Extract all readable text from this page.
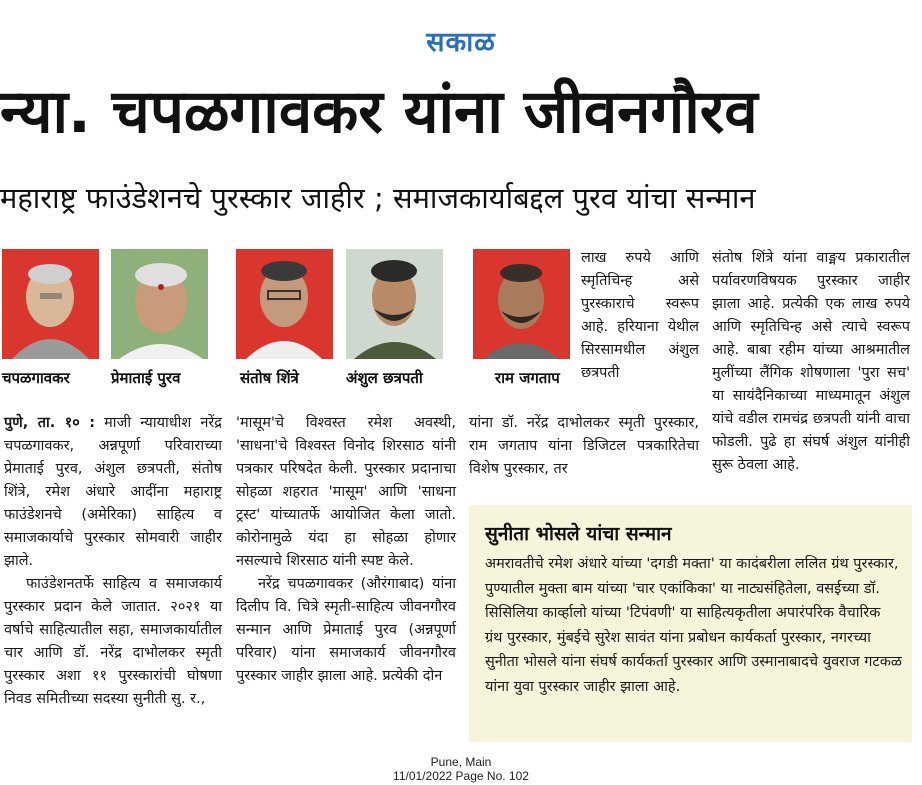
सकाळ
न्या. चपळगावकर यांना जीवनगौरव
महाराष्ट्र फाउंडेशनचे पुरस्कार जाहीर ; समाजकार्याबद्दल पुरव यांचा सन्मान
चपळगावकर	प्रेमाताई पुरव	संतोष शिंत्रे	अंशुल छत्रपती	राम जगताप

पुणे, ता. १० : माजी न्यायाधीश नरेंद्र चपळगावकर, अन्नपूर्णा परिवाराच्या प्रेमाताई पुरव, अंशुल छत्रपती, संतोष शिंत्रे, रमेश अंधारे आदींना महाराष्ट्र फाउंडेशनचे (अमेरिका) साहित्य व समाजकार्याचे पुरस्कार सोमवारी जाहीर झाले.

फाउंडेशनतर्फे साहित्य व समाजकार्य पुरस्कार प्रदान केले जातात. २०२१ या वर्षाचे साहित्यातील सहा, समाजकार्यातील चार आणि डॉ. नरेंद्र दाभोलकर स्मृती पुरस्कार अशा ११ पुरस्कारांची घोषणा निवड समितीच्या सदस्या सुनीती सु. र.,

'मासूम'चे विश्वस्त रमेश अवस्थी, 'साधना'चे विश्वस्त विनोद शिरसाठ यांनी पत्रकार परिषदेत केली. पुरस्कार प्रदानाचा सोहळा शहरात 'मासूम' आणि 'साधना ट्रस्ट' यांच्यातर्फे आयोजित केला जातो. कोरोनामुळे यंदा हा सोहळा होणार नसल्याचे शिरसाठ यांनी स्पष्ट केले.

नरेंद्र चपळगावकर (औरंगाबाद) यांना दिलीप वि. चित्रे स्मृती-साहित्य जीवनगौरव सन्मान आणि प्रेमाताई पुरव (अन्नपूर्णा परिवार) यांना समाजकार्य जीवनगौरव पुरस्कार जाहीर झाला आहे. प्रत्येकी दोन

लाख रुपये आणि स्मृतिचिन्ह असे पुरस्काराचे स्वरूप आहे. हरियाना येथील सिरसामधील अंशुल छत्रपती

यांना डॉ. नरेंद्र दाभोलकर स्मृती पुरस्कार, राम जगताप यांना डिजिटल पत्रकारितेचा विशेष पुरस्कार, तर

संतोष शिंत्रे यांना वाङ्मय प्रकारातील पर्यावरणविषयक पुरस्कार जाहीर झाला आहे. प्रत्येकी एक लाख रुपये आणि स्मृतिचिन्ह असे त्याचे स्वरूप आहे. बाबा रहीम यांच्या आश्रमातील मुलींच्या लैंगिक शोषणाला 'पुरा सच' या सायंदैनिकाच्या माध्यमातून अंशुल यांचे वडील रामचंद्र छत्रपती यांनी वाचा फोडली. पुढे हा संघर्ष अंशुल यांनीही सुरू ठेवला आहे.

सुनीता भोसले यांचा सन्मान
अमरावतीचे रमेश अंधारे यांच्या 'दगडी मक्ता' या कादंबरीला ललित ग्रंथ पुरस्कार, पुण्यातील मुक्ता बाम यांच्या 'चार एकांकिका' या नाट्यसंहितेला, वसईच्या डॉ. सिसिलिया कार्व्हालो यांच्या 'टिपंवणी' या साहित्यकृतीला अपारंपरिक वैचारिक ग्रंथ पुरस्कार, मुंबईचे सुरेश सावंत यांना प्रबोधन कार्यकर्ता पुरस्कार, नगरच्या सुनीता भोसले यांना संघर्ष कार्यकर्ता पुरस्कार आणि उस्मानाबादचे युवराज गटकळ यांना युवा पुरस्कार जाहीर झाला आहे.
Pune, Main
11/01/2022 Page No. 102
